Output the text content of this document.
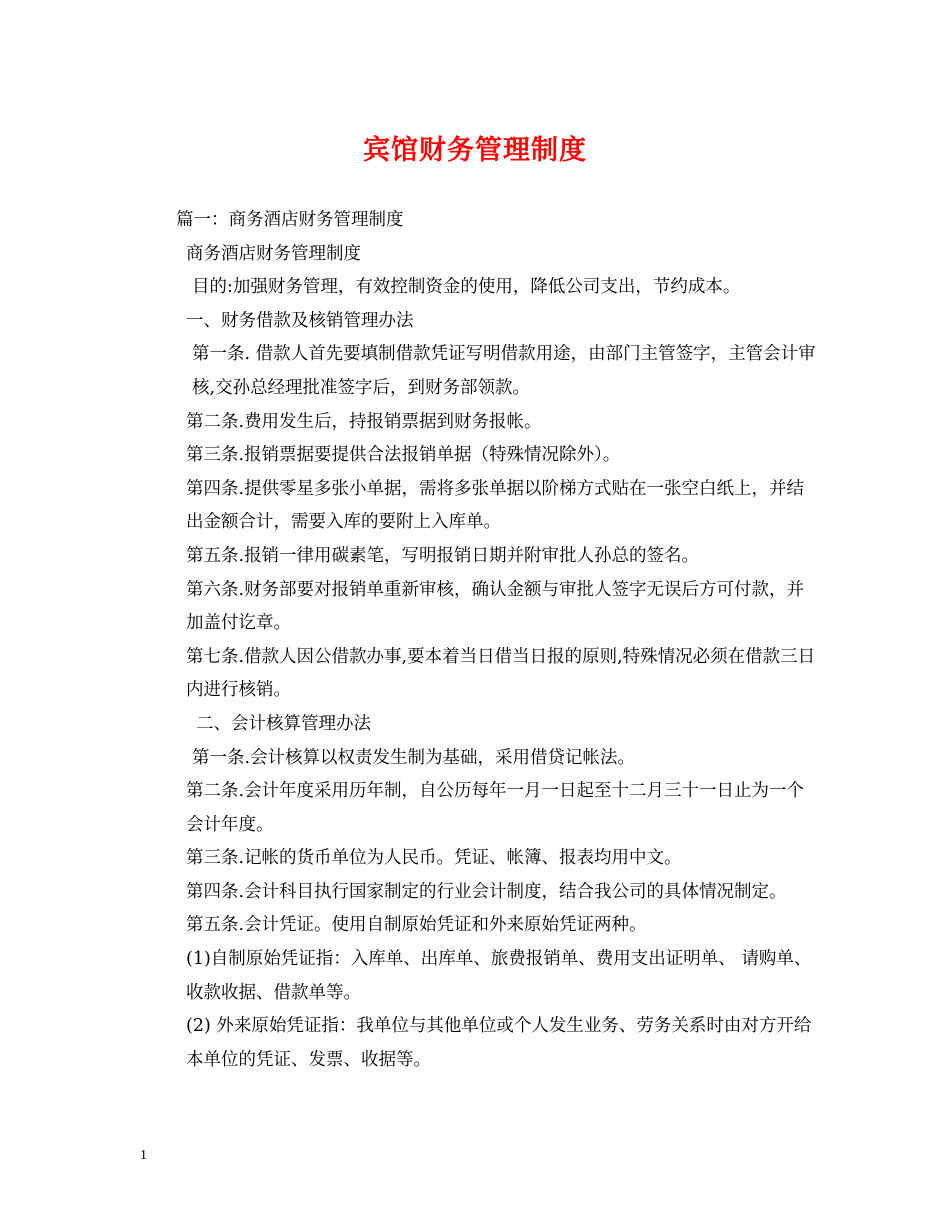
宾馆财务管理制度

篇一：商务酒店财务管理制度

商务酒店财务管理制度

目的:加强财务管理，有效控制资金的使用，降低公司支出，节约成本。

一、财务借款及核销管理办法

第一条. 借款人首先要填制借款凭证写明借款用途，由部门主管签字，主管会计审核,交孙总经理批准签字后，到财务部领款。

第二条.费用发生后，持报销票据到财务报帐。

第三条.报销票据要提供合法报销单据（特殊情况除外）。

第四条.提供零星多张小单据，需将多张单据以阶梯方式贴在一张空白纸上，并结出金额合计，需要入库的要附上入库单。

第五条.报销一律用碳素笔，写明报销日期并附审批人孙总的签名。

第六条.财务部要对报销单重新审核，确认金额与审批人签字无误后方可付款，并加盖付讫章。

第七条.借款人因公借款办事,要本着当日借当日报的原则,特殊情况必须在借款三日内进行核销。

二、会计核算管理办法

第一条.会计核算以权责发生制为基础，采用借贷记帐法。

第二条.会计年度采用历年制，自公历每年一月一日起至十二月三十一日止为一个会计年度。

第三条.记帐的货币单位为人民币。凭证、帐簿、报表均用中文。

第四条.会计科目执行国家制定的行业会计制度，结合我公司的具体情况制定。

第五条.会计凭证。使用自制原始凭证和外来原始凭证两种。

(1)自制原始凭证指：入库单、出库单、旅费报销单、费用支出证明单、 请购单、收款收据、借款单等。

(2) 外来原始凭证指：我单位与其他单位或个人发生业务、劳务关系时由对方开给本单位的凭证、发票、收据等。

1
